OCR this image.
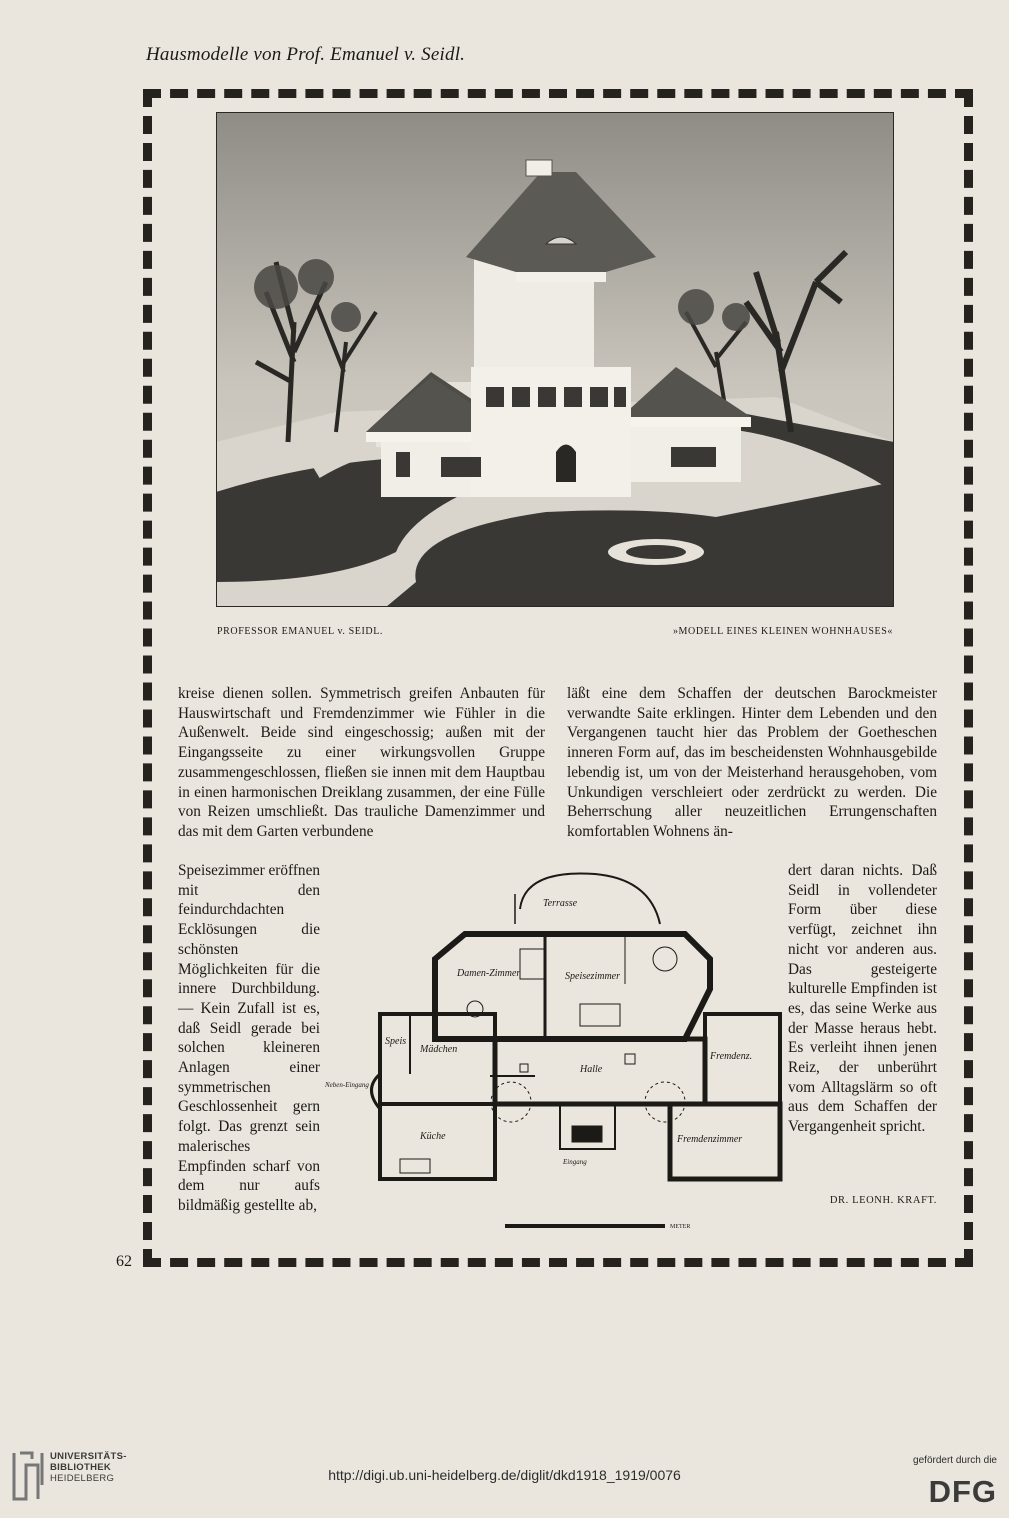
Hausmodelle von Prof. Emanuel v. Seidl.
62
PROFESSOR EMANUEL v. SEIDL.	»MODELL EINES KLEINEN WOHNHAUSES«

kreise dienen sollen. Symmetrisch greifen Anbauten für Hauswirtschaft und Fremdenzimmer wie Fühler in die Außenwelt. Beide sind eingeschossig; außen mit der Eingangsseite zu einer wirkungsvollen Gruppe zusammengeschlossen, fließen sie innen mit dem Hauptbau in einen harmonischen Dreiklang zusammen, der eine Fülle von Reizen umschließt. Das trauliche Damenzimmer und das mit dem Garten verbundene

Speisezimmer eröffnen mit den feindurchdachten Ecklösungen die schönsten Möglichkeiten für die innere Durchbildung. — Kein Zufall ist es, daß Seidl gerade bei solchen kleineren Anlagen einer symmetrischen Geschlossenheit gern folgt. Das grenzt sein malerisches Empfinden scharf von dem nur aufs bildmäßig gestellte ab,

läßt eine dem Schaffen der deutschen Barockmeister verwandte Saite erklingen. Hinter dem Lebenden und den Vergangenen taucht hier das Problem der Goetheschen inneren Form auf, das im bescheidensten Wohnhausgebilde lebendig ist, um von der Meisterhand herausgehoben, vom Unkundigen verschleiert oder zerdrückt zu werden. Die Beherrschung aller neuzeitlichen Errungenschaften komfortablen Wohnens än-

dert daran nichts. Daß Seidl in vollendeter Form über diese verfügt, zeichnet ihn nicht vor anderen aus. Das gesteigerte kulturelle Empfinden ist es, das seine Werke aus der Masse heraus hebt. Es verleiht ihnen jenen Reiz, der unberührt vom Alltagslärm so oft aus dem Schaffen der Vergangenheit spricht.

DR. LEONH. KRAFT.
Terrasse
Speisezimmer
Damen-Zimmer
Halle
Fremdenz.
Fremdenzimmer
Küche
Mädchen
Speis
Neben-Eingang
Eingang
METER
UNIVERSITÄTS-
BIBLIOTHEK
HEIDELBERG	http://digi.ub.uni-heidelberg.de/diglit/dkd1918_1919/0076
gefördert durch die
DFG
